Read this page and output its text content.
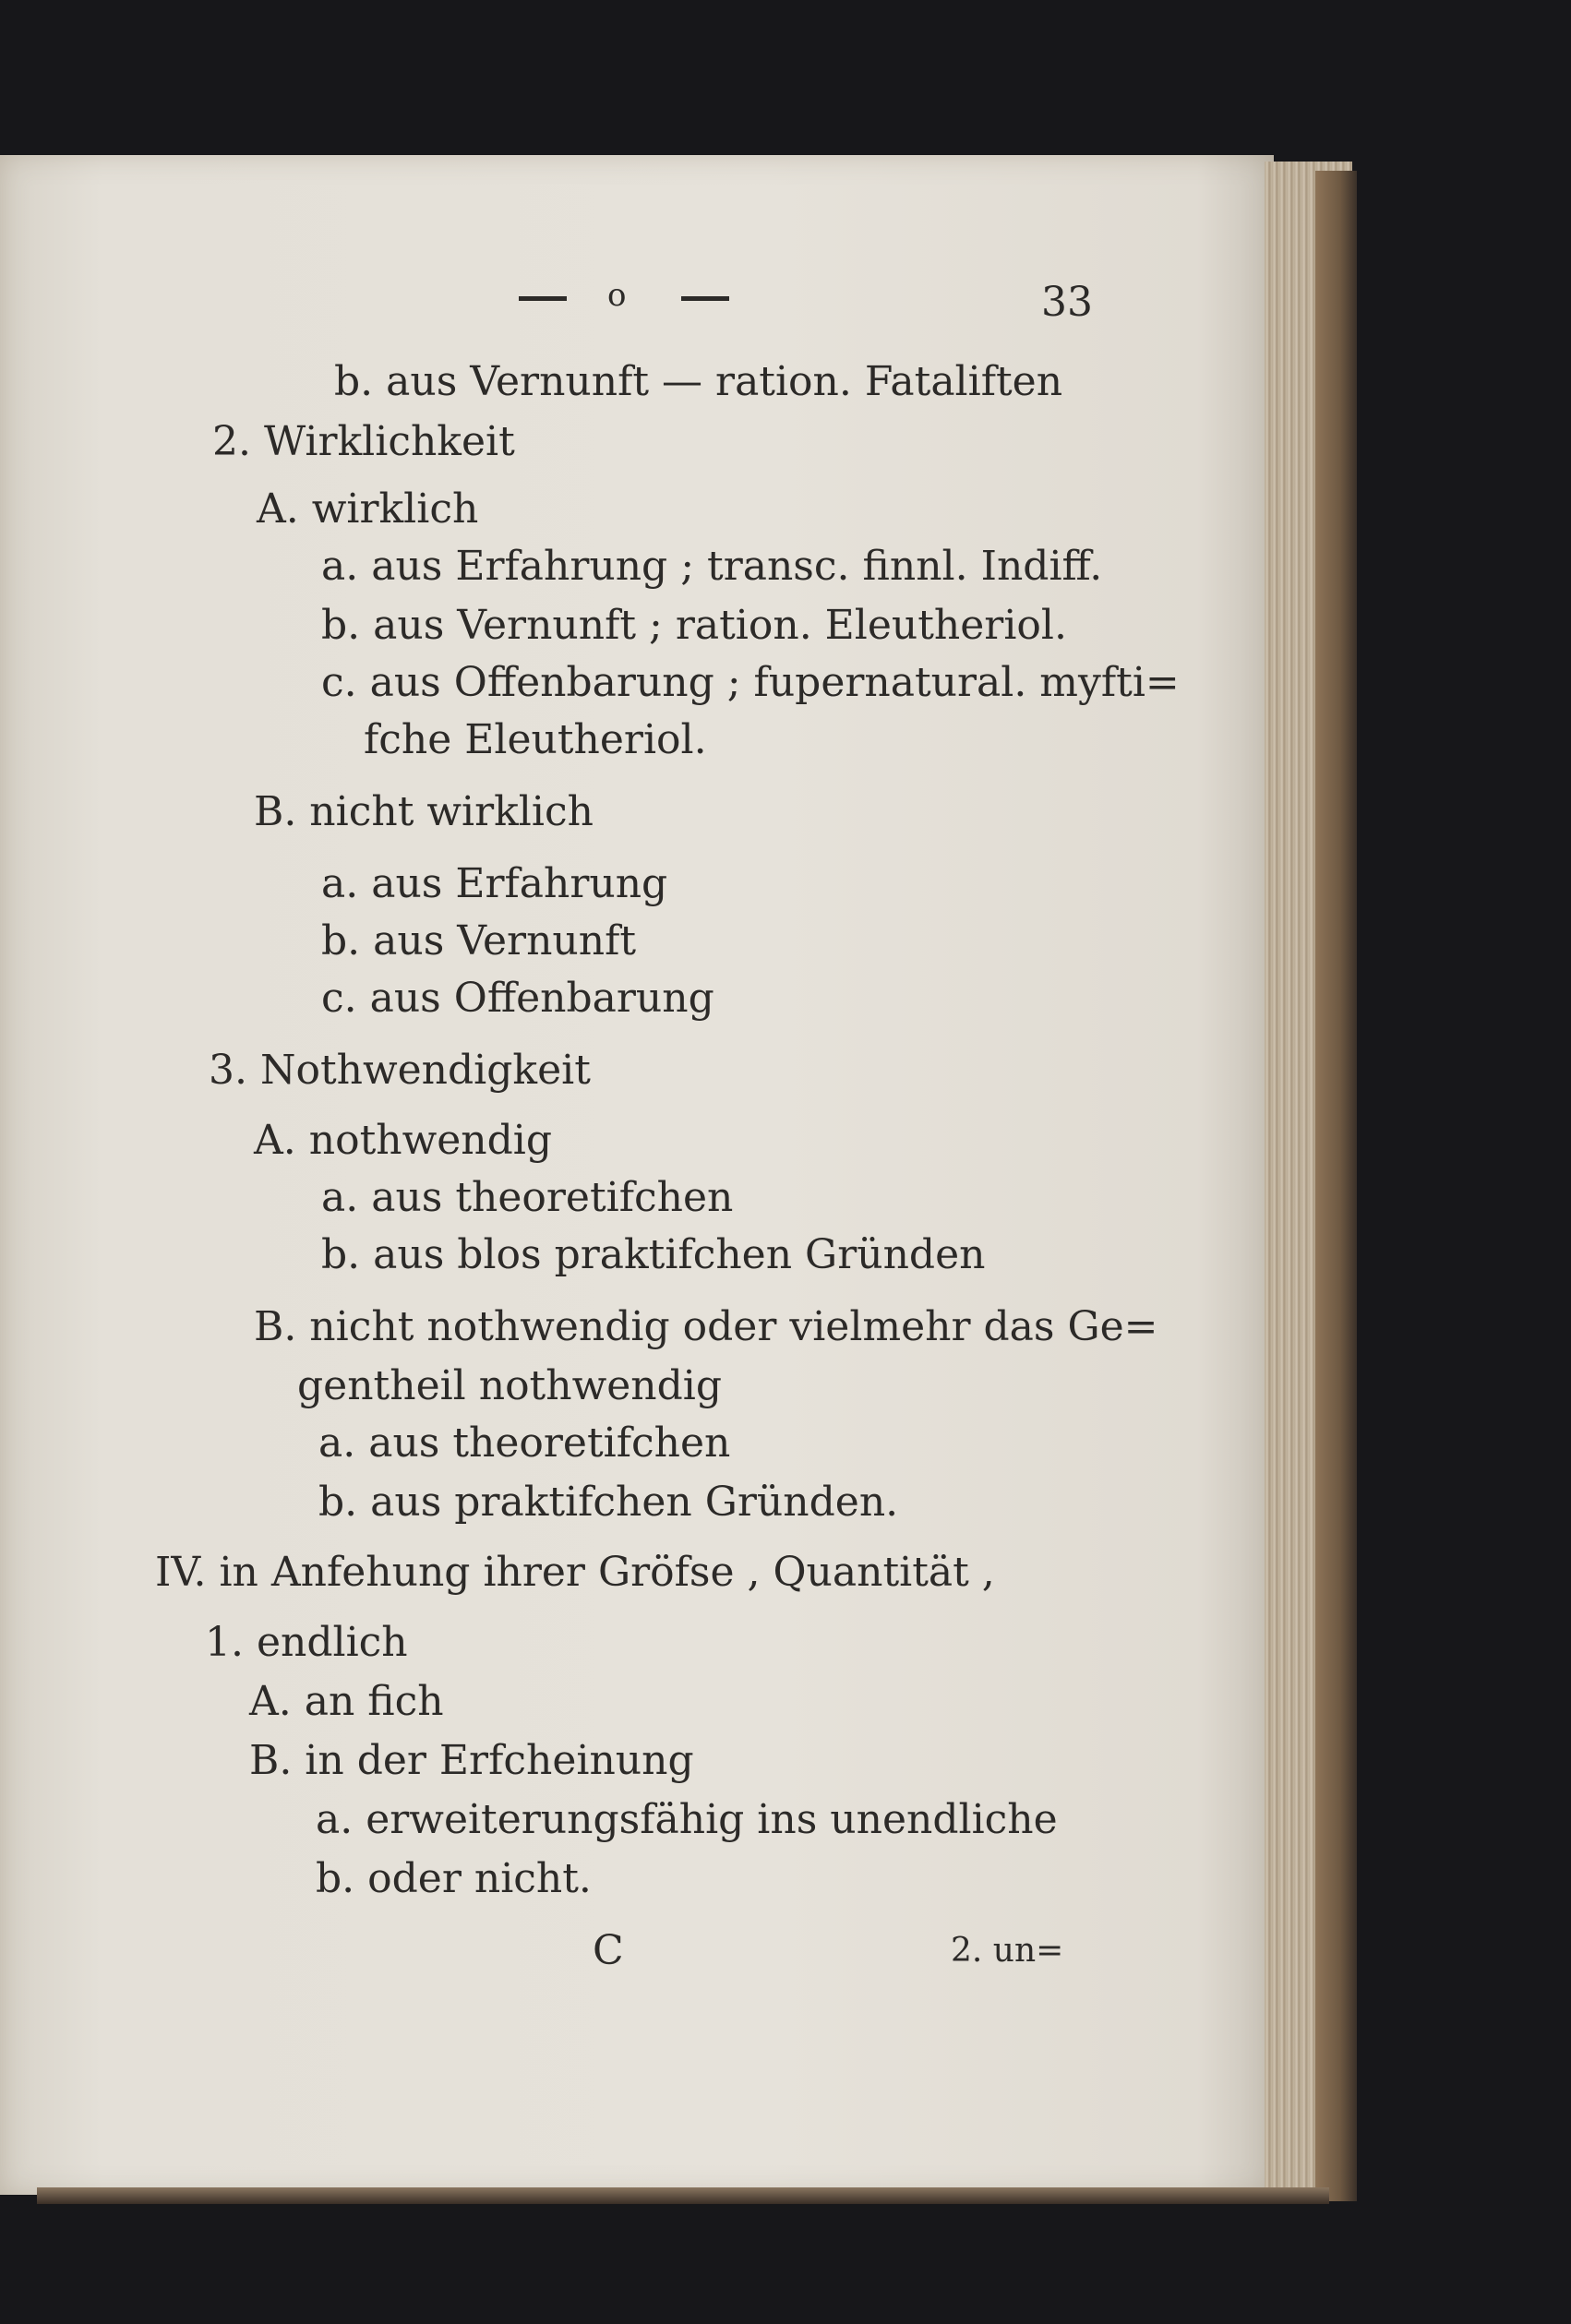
o	33
b. aus Vernunft — ration. Fataliften
2. Wirklichkeit
A. wirklich
a. aus Erfahrung ; transc. finnl. Indiff.
b. aus Vernunft ; ration. Eleutheriol.
c. aus Offenbarung ; fupernatural. myfti=
fche Eleutheriol.
B. nicht wirklich
a. aus Erfahrung
b. aus Vernunft
c. aus Offenbarung
3. Nothwendigkeit
A. nothwendig
a. aus theoretifchen
b. aus blos praktifchen Gründen
B. nicht nothwendig oder vielmehr das Ge=
gentheil nothwendig
a. aus theoretifchen
b. aus praktifchen Gründen.
IV. in Anfehung ihrer Gröfse , Quantität ,
1. endlich
A. an fich
B. in der Erfcheinung
a. erweiterungsfähig ins unendliche
b. oder nicht.
C	2. un=
